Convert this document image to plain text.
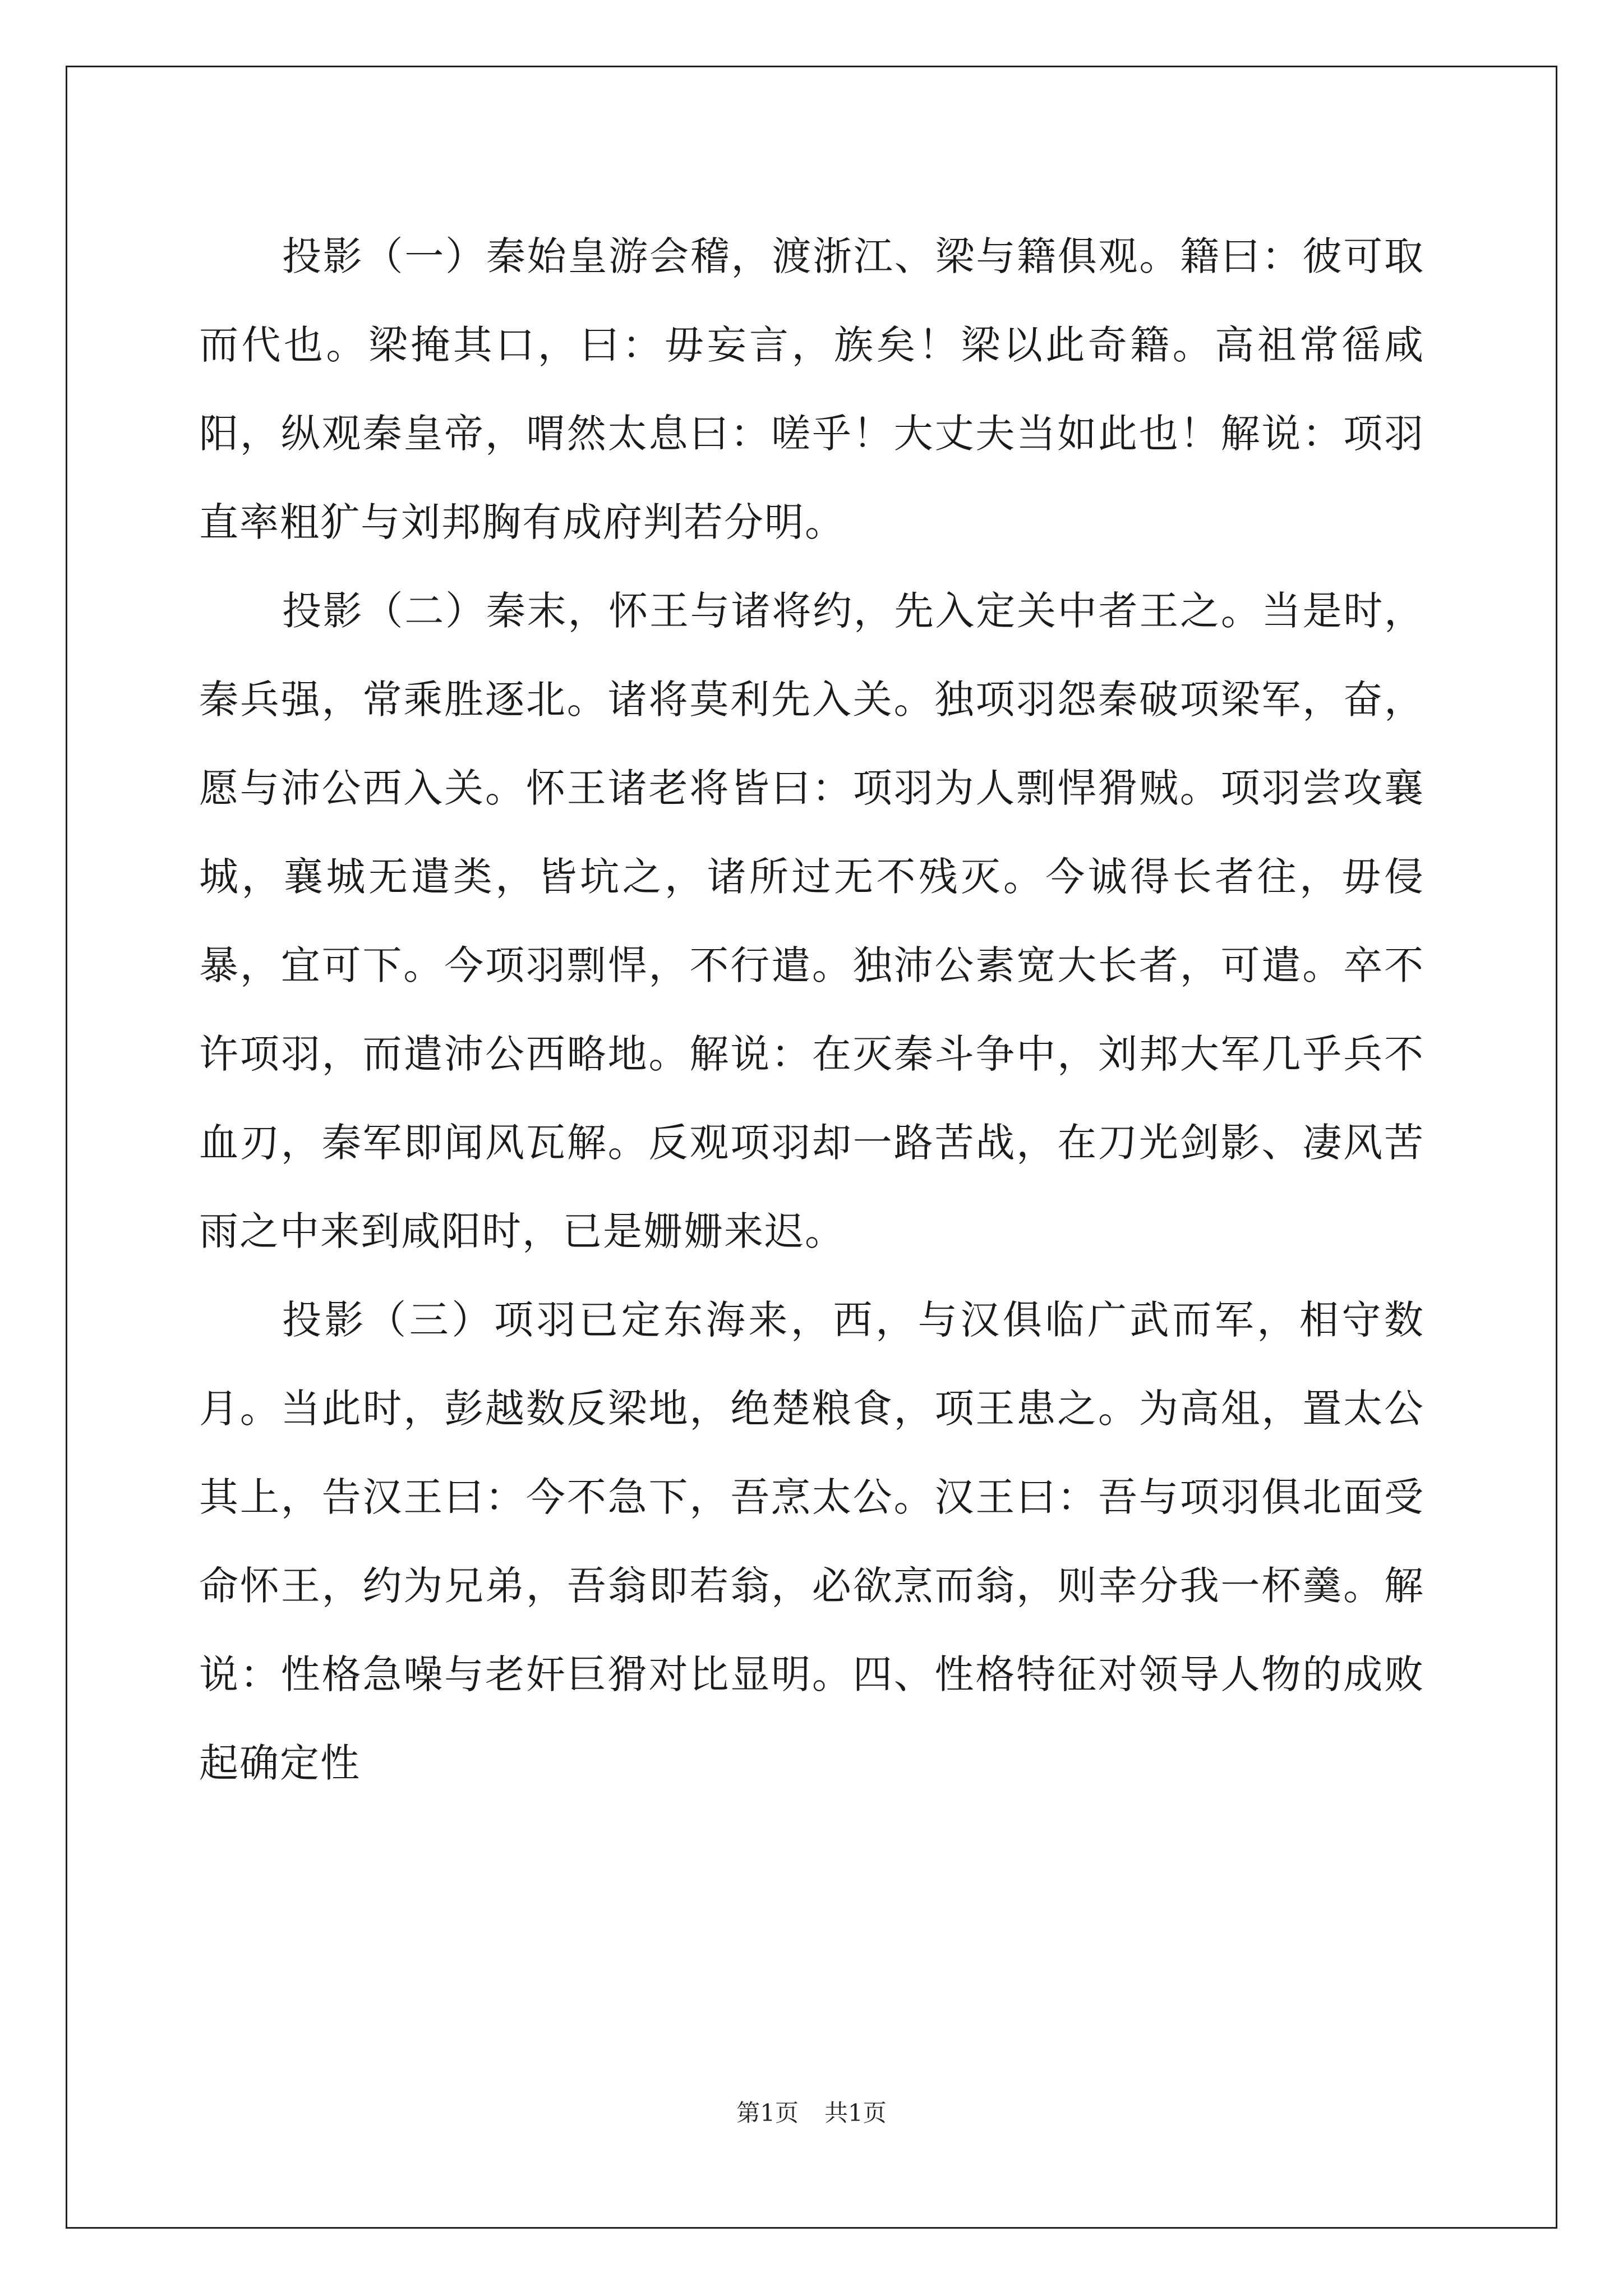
投影（一）秦始皇游会稽，渡浙江、梁与籍俱观。籍曰：彼可取而代也。梁掩其口，曰：毋妄言，族矣！梁以此奇籍。高祖常徭咸阳，纵观秦皇帝，喟然太息曰：嗟乎！大丈夫当如此也！解说：项羽直率粗犷与刘邦胸有成府判若分明。

投影（二）秦末，怀王与诸将约，先入定关中者王之。当是时，秦兵强，常乘胜逐北。诸将莫利先入关。独项羽怨秦破项梁军，奋，愿与沛公西入关。怀王诸老将皆曰：项羽为人剽悍猾贼。项羽尝攻襄城，襄城无遣类，皆坑之，诸所过无不残灭。今诚得长者往，毋侵暴，宜可下。今项羽剽悍，不行遣。独沛公素宽大长者，可遣。卒不许项羽，而遣沛公西略地。解说：在灭秦斗争中，刘邦大军几乎兵不血刃，秦军即闻风瓦解。反观项羽却一路苦战，在刀光剑影、凄风苦雨之中来到咸阳时，已是姗姗来迟。

投影（三）项羽已定东海来，西，与汉俱临广武而军，相守数月。当此时，彭越数反梁地，绝楚粮食，项王患之。为高俎，置太公其上，告汉王曰：今不急下，吾烹太公。汉王曰：吾与项羽俱北面受命怀王，约为兄弟，吾翁即若翁，必欲烹而翁，则幸分我一杯羹。解说：性格急噪与老奸巨猾对比显明。四、性格特征对领导人物的成败起确定性

第1页 共1页
